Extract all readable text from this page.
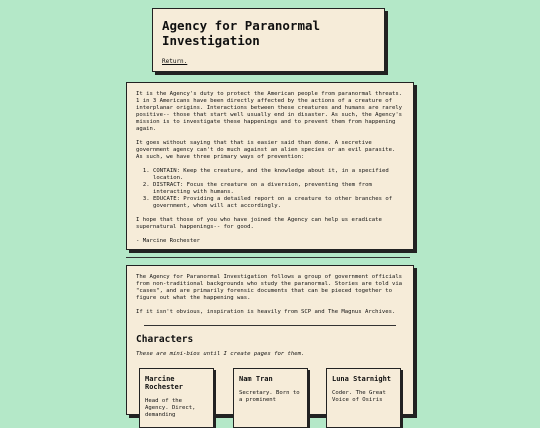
Agency for Paranormal Investigation
Return.

It is the Agency's duty to protect the American people from paranormal threats. 1 in 3 Americans have been directly affected by the actions of a creature of interplanar origins. Interactions between these creatures and humans are rarely positive-- those that start well usually end in disaster. As such, the Agency's mission is to investigate these happenings and to prevent them from happening again.

It goes without saying that that is easier said than done. A secretive government agency can't do much against an alien species or an evil parasite. As such, we have three primary ways of prevention:

1. CONTAIN: Keep the creature, and the knowledge about it, in a specified location.
2. DISTRACT: Focus the creature on a diversion, preventing them from interacting with humans.
3. EDUCATE: Providing a detailed report on a creature to other branches of government, whom will act accordingly.

I hope that those of you who have joined the Agency can help us eradicate supernatural happenings-- for good.

- Marcine Rochester

The Agency for Paranormal Investigation follows a group of government officials from non-traditional backgrounds who study the paranormal. Stories are told via "cases", and are primarily forensic documents that can be pieced together to figure out what the happening was.

If it isn't obvious, inspiration is heavily from SCP and The Magnus Archives.

Characters

These are mini-bios until I create pages for them.

Marcine Rochester

Head of the Agency. Direct, demanding

Nam Tran

Secretary. Born to a prominent

Luna Starnight

Coder. The Great Voice of Osiris
